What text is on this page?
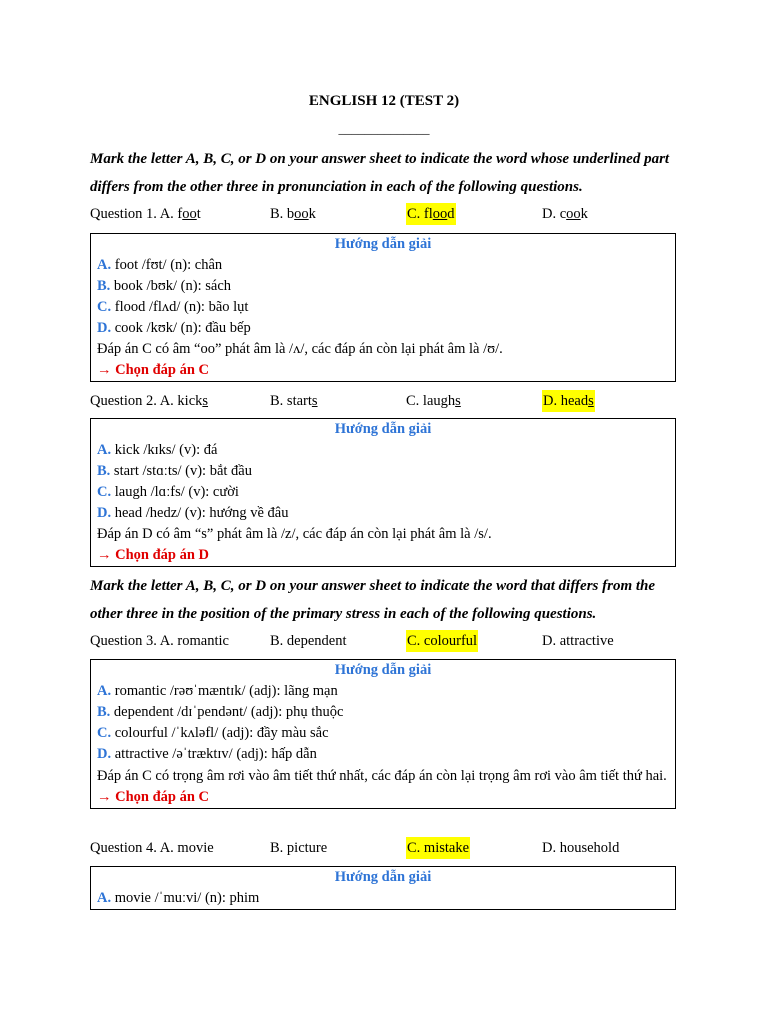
ENGLISH 12 (TEST 2)
______________
Mark the letter A, B, C, or D on your answer sheet to indicate the word whose underlined part differs from the other three in pronunciation in each of the following questions.
Question 1. A. foot	B. book	C. flood	D. cook
Hướng dẫn giải
A. foot /fʊt/ (n): chân
B. book /bʊk/ (n): sách
C. flood /flʌd/ (n): bão lụt
D. cook /kʊk/ (n): đầu bếp
Đáp án C có âm “oo” phát âm là /ʌ/, các đáp án còn lại phát âm là /ʊ/.
→ Chọn đáp án C
Question 2. A. kicks	B. starts	C. laughs	D. heads
Hướng dẫn giải
A. kick /kɪks/ (v): đá
B. start /stɑːts/ (v): bắt đầu
C. laugh /lɑːfs/ (v): cười
D. head /hedz/ (v): hướng về đâu
Đáp án D có âm “s” phát âm là /z/, các đáp án còn lại phát âm là /s/.
→ Chọn đáp án D
Mark the letter A, B, C, or D on your answer sheet to indicate the word that differs from the other three in the position of the primary stress in each of the following questions.
Question 3. A. romantic	B. dependent	C. colourful	D. attractive
Hướng dẫn giải
A. romantic /rəʊˈmæntɪk/ (adj): lãng mạn
B. dependent /dɪˈpendənt/ (adj): phụ thuộc
C. colourful /ˈkʌləfl/ (adj): đầy màu sắc
D. attractive /əˈtræktɪv/ (adj): hấp dẫn
Đáp án C có trọng âm rơi vào âm tiết thứ nhất, các đáp án còn lại trọng âm rơi vào âm tiết thứ hai.
→ Chọn đáp án C
Question 4. A. movie	B. picture	C. mistake	D. household
Hướng dẫn giải
A. movie /ˈmuːvi/ (n): phim
